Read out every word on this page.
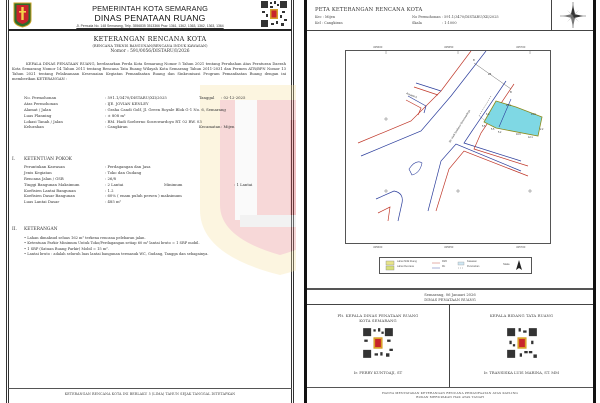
PEMERINTAH KOTA SEMARANG
DINAS PENATAAN RUANG
Jl. Pemuda No. 148 Semarang, Telp. 3556835 3513366 Psw. 1361, 1362, 1363, 1362, 1363, 1364
KETERANGAN RENCANA KOTA
(RENCANA TEKNIS BANGUNAN/RENCANA INDUK KAWASAN)
Nomor : 591/0056/DISTARU/I/2026
KEPALA DINAS PENATAAN RUANG, berdasarkan Perda Kota Semarang Nomor 5 Tahun 2021 tentang Perubahan Atas Peraturan Daerah Kota Semarang Nomor 14 Tahun 2011 tentang Rencana Tata Ruang Wilayah Kota Semarang Tahun 2011-2031 dan Permen ATR/BPN Nomor 13 Tahun 2021 tentang Pelaksanaan Kesesuaian Kegiatan Pemanfaatan Ruang dan Sinkronisasi Program Pemanfaatan Ruang dengan ini memberikan KETERANGAN :
No. Permohonan	: 591.1/3470/DISTARU/XII/2025	Tanggal : 02-12-2025
Atas Permohonan	: IJE. JOVIAN KENLEY
Alamat / Jalan	: Graha Candi Golf, Jl. Green Royale Blok G-1 No. 6, Semarang
Luas Planning	: ± 808 m²
Lokasi Tanah / Jalan	: RM. Hadi Soeberno Sosrowardoyo RT. 02 RW. 03
Kelurahan	: Cangkiran	Kecamatan : Mijen
I. KETENTUAN POKOK
Peruntukan Kawasan	: Perdagangan dan Jasa
Jenis Kegiatan	: Toko dan Gudang
Rencana Jalan / GSB	: 26/8
Tinggi Bangunan Maksimum	: 2 Lantai	Minimum	: 1 Lantai
Koefisien Lantai Bangunan	: 1.2
Koefisien Dasar Bangunan	: 60% ( enam puluh persen ) maksimum
Luas Lantai Dasar	: 485 m²
II. KETERANGAN
• Lahan dimaksud seluas 162 m² terkena rencana pelebaran jalan.
• Ketentuan Parkir Minimum Untuk Toko/Perdagangan setiap 60 m² lantai bruto = 1 SRP mobil.
• 1 SRP (Satuan Ruang Parkir) Mobil = 15 m².
• Lantai bruto : adalah seluruh luas lantai bangunan termasuk WC, Gudang, Tangga dan sebagainya.
KETERANGAN RENCANA KOTA INI BERLAKU 5 (LIMA) TAHUN SEJAK TANGGAL DITETAPKAN
PETA KETERANGAN RENCANA KOTA
Kec : Mijen
Kel : Cangkiran
No Permohonan : 591.1/3470/DISTARU/XII/2025
Skala	: 1:1000
435600	435650	435700
435600	435650	435700
26
8
8
20.1
14.0
5.2
10.6
12.1
5.5
5.5
6.3
2.2
Amarta II
Jln. Hadi Soebeno Sosrowardoyo
Lahan Milik Ruang
Lahan Rencana
RMJ
Mc
Kawasan
Perumahan
Skala
Semarang, 06 Januari 2026
DINAS PENATAAN RUANG
Plt. KEPALA DINAS PENATAAN RUANG
KOTA SEMARANG
Ir. FERRY KUNTOAJI, ST
KEPALA BIDANG TATA RUANG
Ir. TRANSISKA LUIS MARINA, ST. MM
HANYA MENYATAKAN KETERANGAN RENCANA PEMANFAATAN ATAS KAVLING
BUKAN MERUPAKAN HAK ATAS TANAH
